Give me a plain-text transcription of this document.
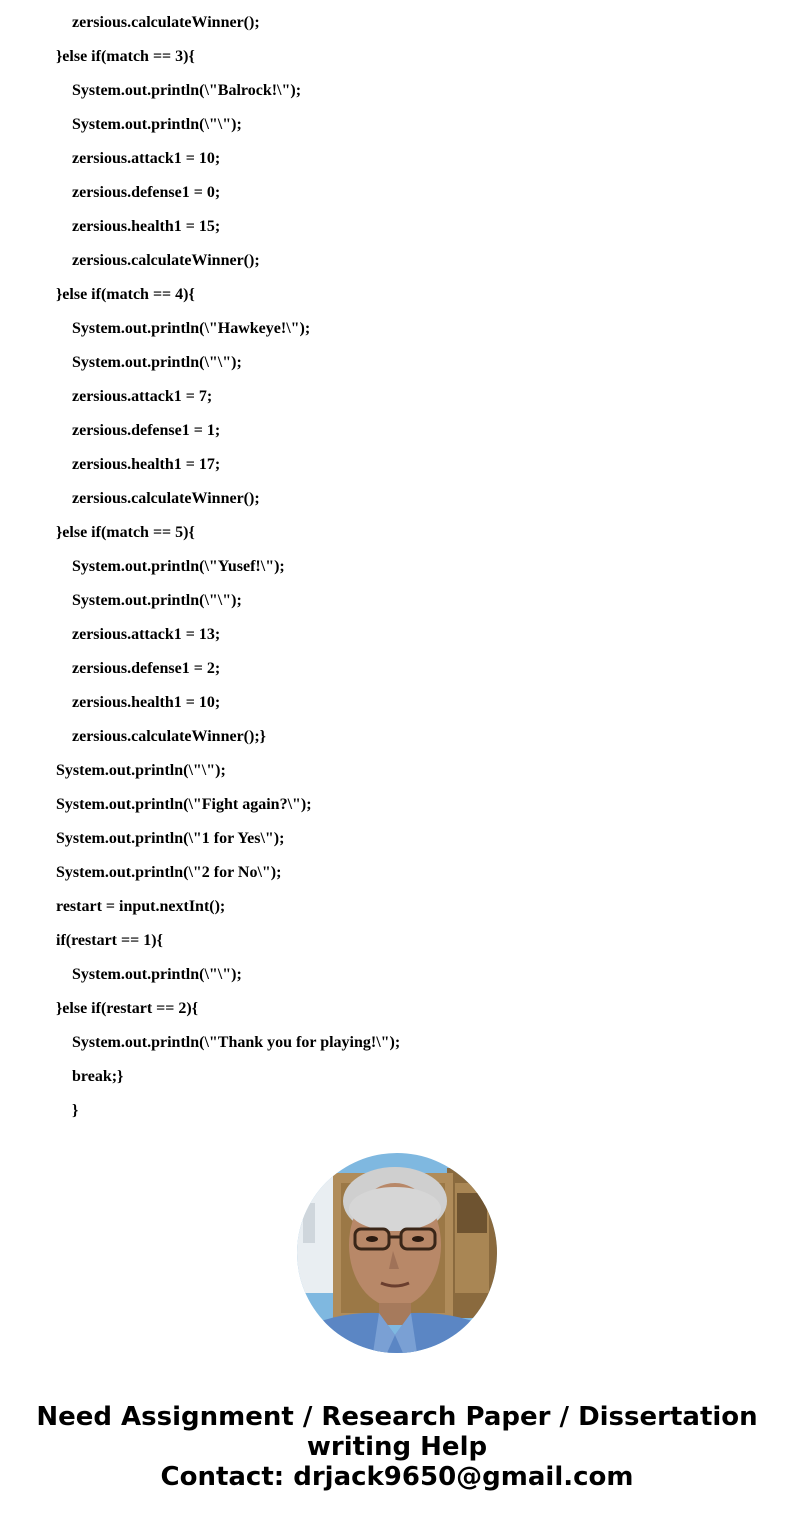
zersious.calculateWinner();
}else if(match == 3){
System.out.println(\"Balrock!\");
System.out.println(\"\");
zersious.attack1 = 10;
zersious.defense1 = 0;
zersious.health1 = 15;
zersious.calculateWinner();
}else if(match == 4){
System.out.println(\"Hawkeye!\");
System.out.println(\"\");
zersious.attack1 = 7;
zersious.defense1 = 1;
zersious.health1 = 17;
zersious.calculateWinner();
}else if(match == 5){
System.out.println(\"Yusef!\");
System.out.println(\"\");
zersious.attack1 = 13;
zersious.defense1 = 2;
zersious.health1 = 10;
zersious.calculateWinner();}
System.out.println(\"\");
System.out.println(\"Fight again?\");
System.out.println(\"1 for Yes\");
System.out.println(\"2 for No\");
restart = input.nextInt();
if(restart == 1){
System.out.println(\"\");
}else if(restart == 2){
System.out.println(\"Thank you for playing!\");
break;}
}
Need Assignment / Research Paper / Dissertation
writing Help
Contact: drjack9650@gmail.com
